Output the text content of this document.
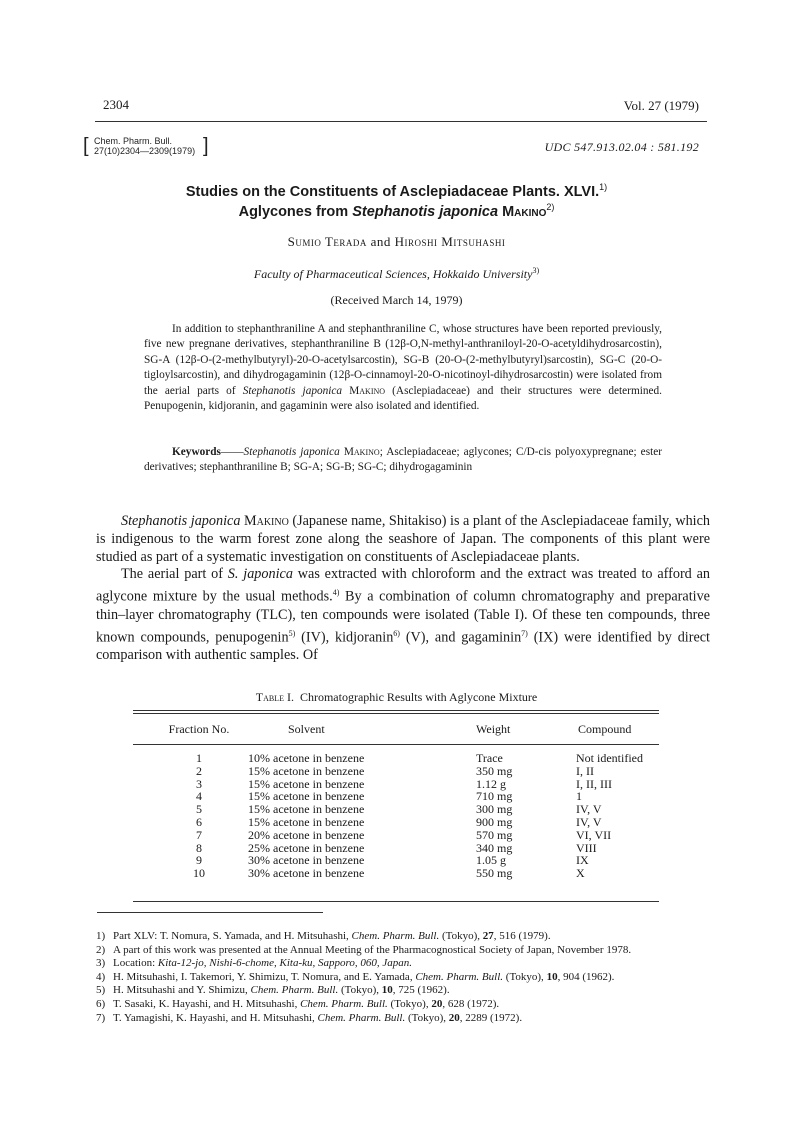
2304	Vol. 27 (1979)
[ Chem. Pharm. Bull.
27(10)2304—2309(1979) ]	UDC 547.913.02.04 : 581.192
Studies on the Constituents of Asclepiadaceae Plants. XLVI.$^{1)}$
Aglycones from Stephanotis japonica Makino$^{2)}$
Sumio Terada and Hiroshi Mitsuhashi
Faculty of Pharmaceutical Sciences, Hokkaido University$^{3)}$
(Received March 14, 1979)
In addition to stephanthraniline A and stephanthraniline C, whose structures have been reported previously, five new pregnane derivatives, stephanthraniline B (12β-O,N-methyl-anthraniloyl-20-O-acetyldihydrosarcostin), SG-A (12β-O-(2-methylbutyryl)-20-O-acetylsarcostin), SG-B (20-O-(2-methylbutyryl)sarcostin), SG-C (20-O-tigloylsarcostin), and dihydrogagaminin (12β-O-cinnamoyl-20-O-nicotinoyl-dihydrosarcostin) were isolated from the aerial parts of Stephanotis japonica Makino (Asclepiadaceae) and their structures were determined. Penupogenin, kidjoranin, and gagaminin were also isolated and identified.
Keywords——Stephanotis japonica Makino; Asclepiadaceae; aglycones; C/D-cis polyoxypregnane; ester derivatives; stephanthraniline B; SG-A; SG-B; SG-C; dihydrogagaminin

Stephanotis japonica Makino (Japanese name, Shitakiso) is a plant of the Asclepiadaceae family, which is indigenous to the warm forest zone along the seashore of Japan. The components of this plant were studied as part of a systematic investigation on constituents of Asclepiadaceae plants.

The aerial part of S. japonica was extracted with chloroform and the extract was treated to afford an aglycone mixture by the usual methods.$^{4)}$ By a combination of column chromatography and preparative thin–layer chromatography (TLC), ten compounds were isolated (Table I). Of these ten compounds, three known compounds, penupogenin$^{5)}$ (IV), kidjoranin$^{6)}$ (V), and gagaminin$^{7)}$ (IX) were identified by direct comparison with authentic samples. Of

Table I. Chromatographic Results with Aglycone Mixture
Fraction No.	Solvent	Weight	Compound

1	10% acetone in benzene	Trace	Not identified
2	15% acetone in benzene	350 mg	I, II
3	15% acetone in benzene	1.12 g	I, II, III
4	15% acetone in benzene	710 mg	1
5	15% acetone in benzene	300 mg	IV, V
6	15% acetone in benzene	900 mg	IV, V
7	20% acetone in benzene	570 mg	VI, VII
8	25% acetone in benzene	340 mg	VIII
9	30% acetone in benzene	1.05 g	IX
10	30% acetone in benzene	550 mg	X
1) Part XLV: T. Nomura, S. Yamada, and H. Mitsuhashi, Chem. Pharm. Bull. (Tokyo), 27, 516 (1979).
2) A part of this work was presented at the Annual Meeting of the Pharmacognostical Society of Japan, November 1978.
3) Location: Kita-12-jo, Nishi-6-chome, Kita-ku, Sapporo, 060, Japan.
4) H. Mitsuhashi, I. Takemori, Y. Shimizu, T. Nomura, and E. Yamada, Chem. Pharm. Bull. (Tokyo), 10, 904 (1962).
5) H. Mitsuhashi and Y. Shimizu, Chem. Pharm. Bull. (Tokyo), 10, 725 (1962).
6) T. Sasaki, K. Hayashi, and H. Mitsuhashi, Chem. Pharm. Bull. (Tokyo), 20, 628 (1972).
7) T. Yamagishi, K. Hayashi, and H. Mitsuhashi, Chem. Pharm. Bull. (Tokyo), 20, 2289 (1972).
